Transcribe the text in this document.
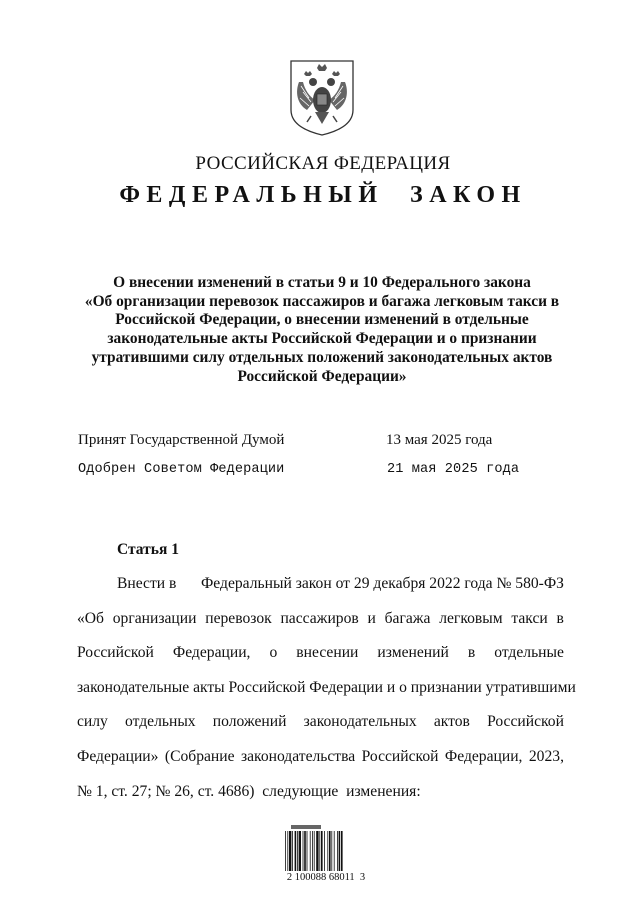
РОССИЙСКАЯ ФЕДЕРАЦИЯ
ФЕДЕРАЛЬНЫЙ ЗАКОН
О внесении изменений в статьи 9 и 10 Федерального закона
«Об организации перевозок пассажиров и багажа легковым такси в
Российской Федерации, о внесении изменений в отдельные
законодательные акты Российской Федерации и о признании
утратившими силу отдельных положений законодательных актов
Российской Федерации»
Принят Государственной Думой	13 мая 2025 года
Одобрен Советом Федерации	21 мая 2025 года
Статья 1
Внести в Федеральный закон от 29 декабря 2022 года № 580-ФЗ
«Об организации перевозок пассажиров и багажа легковым такси в
Российской Федерации, о внесении изменений в отдельные
законодательные акты Российской Федерации и о признании утратившими
силу отдельных положений законодательных актов Российской
Федерации» (Собрание законодательства Российской Федерации, 2023,
№ 1, ст. 27; № 26, ст. 4686)  следующие  изменения:
2 100088 68011  3
